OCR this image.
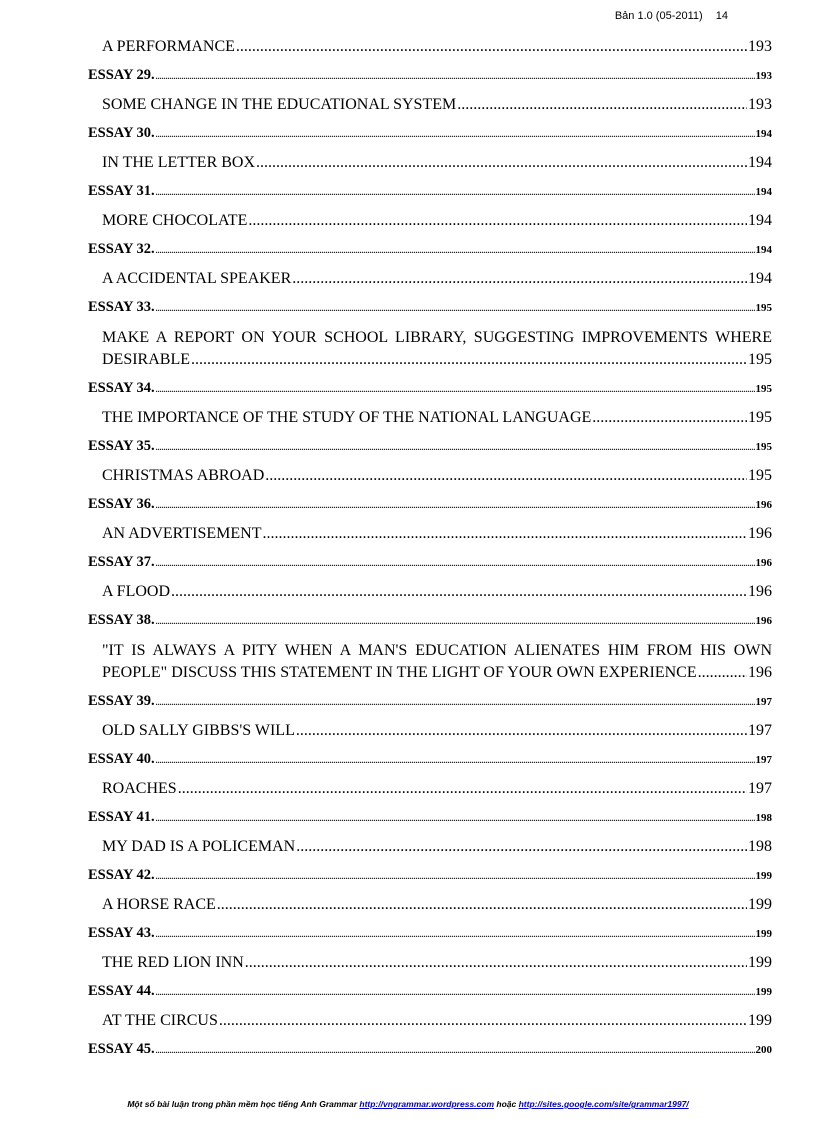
Bản 1.0 (05-2011) 14
A PERFORMANCE .....	193
ESSAY 29. .....	193
SOME CHANGE IN THE EDUCATIONAL SYSTEM .....	193
ESSAY 30. .....	194
IN THE LETTER BOX .....	194
ESSAY 31. .....	194
MORE CHOCOLATE .....	194
ESSAY 32. .....	194
A ACCIDENTAL SPEAKER .....	194
ESSAY 33. .....	195
MAKE A REPORT ON YOUR SCHOOL LIBRARY, SUGGESTING IMPROVEMENTS WHERE
DESIRABLE .....	195
ESSAY 34. .....	195
THE IMPORTANCE OF THE STUDY OF THE NATIONAL LANGUAGE .....	195
ESSAY 35. .....	195
CHRISTMAS ABROAD .....	195
ESSAY 36. .....	196
AN ADVERTISEMENT .....	196
ESSAY 37. .....	196
A FLOOD .....	196
ESSAY 38. .....	196
"IT IS ALWAYS A PITY WHEN A MAN'S EDUCATION ALIENATES HIM FROM HIS OWN
PEOPLE" DISCUSS THIS STATEMENT IN THE LIGHT OF YOUR OWN EXPERIENCE .....	196
ESSAY 39. .....	197
OLD SALLY GIBBS'S WILL .....	197
ESSAY 40. .....	197
ROACHES .....	197
ESSAY 41. .....	198
MY DAD IS A POLICEMAN .....	198
ESSAY 42. .....	199
A HORSE RACE .....	199
ESSAY 43. .....	199
THE RED LION INN .....	199
ESSAY 44. .....	199
AT THE CIRCUS .....	199
ESSAY 45. .....	200
Một số bài luận trong phần mềm học tiếng Anh Grammar http://vngrammar.wordpress.com hoặc http://sites.google.com/site/grammar1997/
